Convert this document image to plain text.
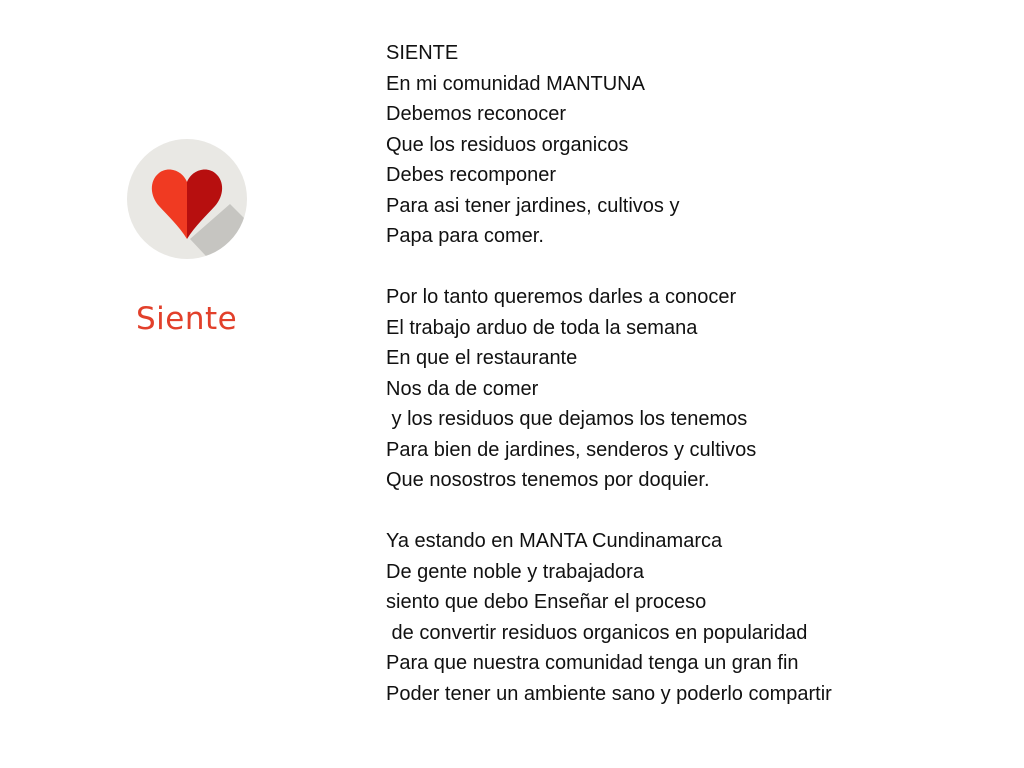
Siente
SIENTE
En mi comunidad MANTUNA
Debemos reconocer
Que los residuos organicos
Debes recomponer
Para asi tener jardines, cultivos y
Papa para comer.
Por lo tanto queremos darles a conocer
El trabajo arduo de toda la semana
En que el restaurante
Nos da de comer
y los residuos que dejamos los tenemos
Para bien de jardines, senderos y cultivos
Que nosostros tenemos por doquier.
Ya estando en MANTA Cundinamarca
De gente noble y trabajadora
siento que debo Enseñar el proceso
de convertir residuos organicos en popularidad
Para que nuestra comunidad tenga un gran fin
Poder tener un ambiente sano y poderlo compartir
